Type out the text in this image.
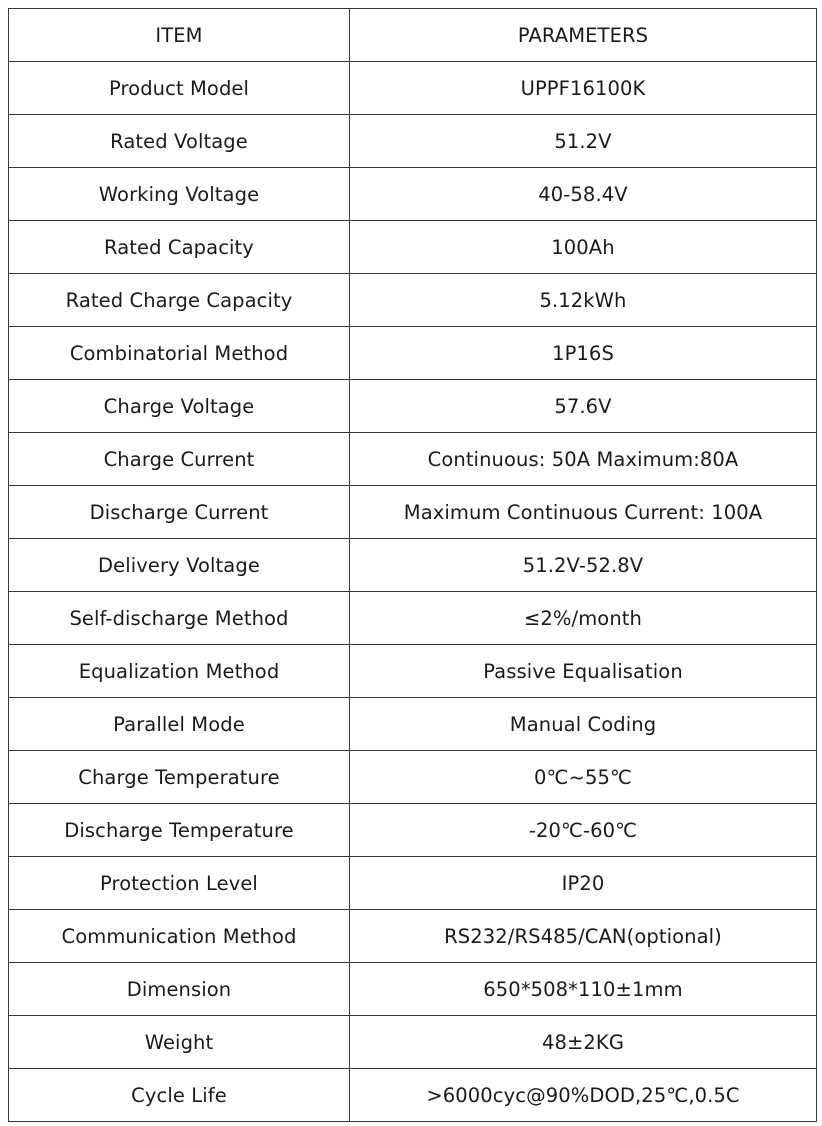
ITEM	PARAMETERS
Product Model	UPPF16100K
Rated Voltage	51.2V
Working Voltage	40-58.4V
Rated Capacity	100Ah
Rated Charge Capacity	5.12kWh
Combinatorial Method	1P16S
Charge Voltage	57.6V
Charge Current	Continuous: 50A Maximum:80A
Discharge Current	Maximum Continuous Current: 100A
Delivery Voltage	51.2V-52.8V
Self-discharge Method	≤2%/month
Equalization Method	Passive Equalisation
Parallel Mode	Manual Coding
Charge Temperature	0℃~55℃
Discharge Temperature	-20℃-60℃
Protection Level	IP20
Communication Method	RS232/RS485/CAN(optional)
Dimension	650*508*110±1mm
Weight	48±2KG
Cycle Life	>6000cyc@90%DOD,25℃,0.5C
